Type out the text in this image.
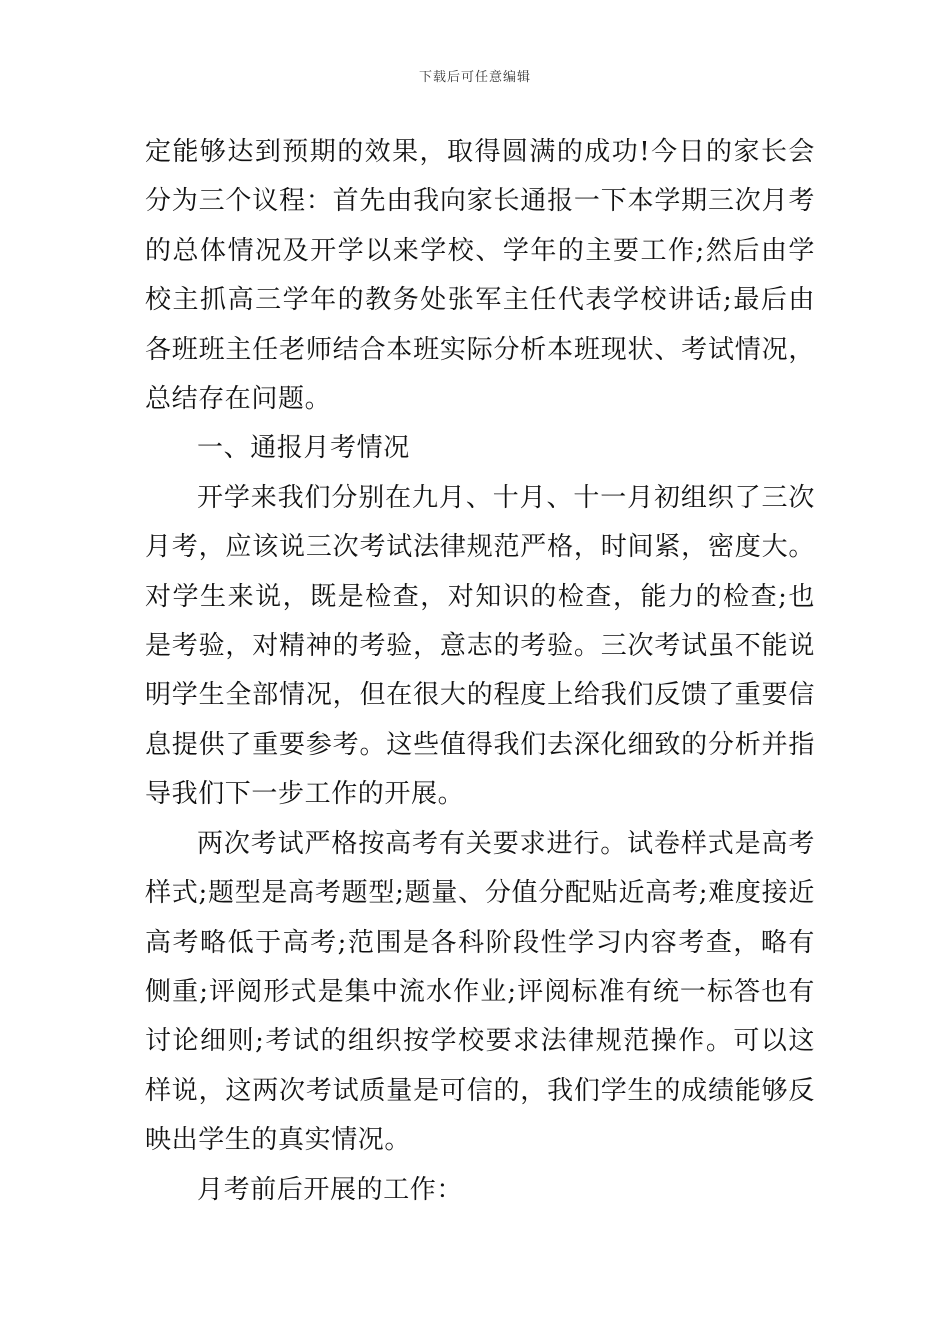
下载后可任意编辑

定能够达到预期的效果，取得圆满的成功!今日的家长会分为三个议程：首先由我向家长通报一下本学期三次月考的总体情况及开学以来学校、学年的主要工作;然后由学校主抓高三学年的教务处张军主任代表学校讲话;最后由各班班主任老师结合本班实际分析本班现状、考试情况，总结存在问题。

一、通报月考情况

开学来我们分别在九月、十月、十一月初组织了三次月考，应该说三次考试法律规范严格，时间紧，密度大。对学生来说，既是检查，对知识的检查，能力的检查;也是考验，对精神的考验，意志的考验。三次考试虽不能说明学生全部情况，但在很大的程度上给我们反馈了重要信息提供了重要参考。这些值得我们去深化细致的分析并指导我们下一步工作的开展。

两次考试严格按高考有关要求进行。试卷样式是高考样式;题型是高考题型;题量、分值分配贴近高考;难度接近高考略低于高考;范围是各科阶段性学习内容考查，略有侧重;评阅形式是集中流水作业;评阅标准有统一标答也有讨论细则;考试的组织按学校要求法律规范操作。可以这样说，这两次考试质量是可信的，我们学生的成绩能够反映出学生的真实情况。

月考前后开展的工作：
